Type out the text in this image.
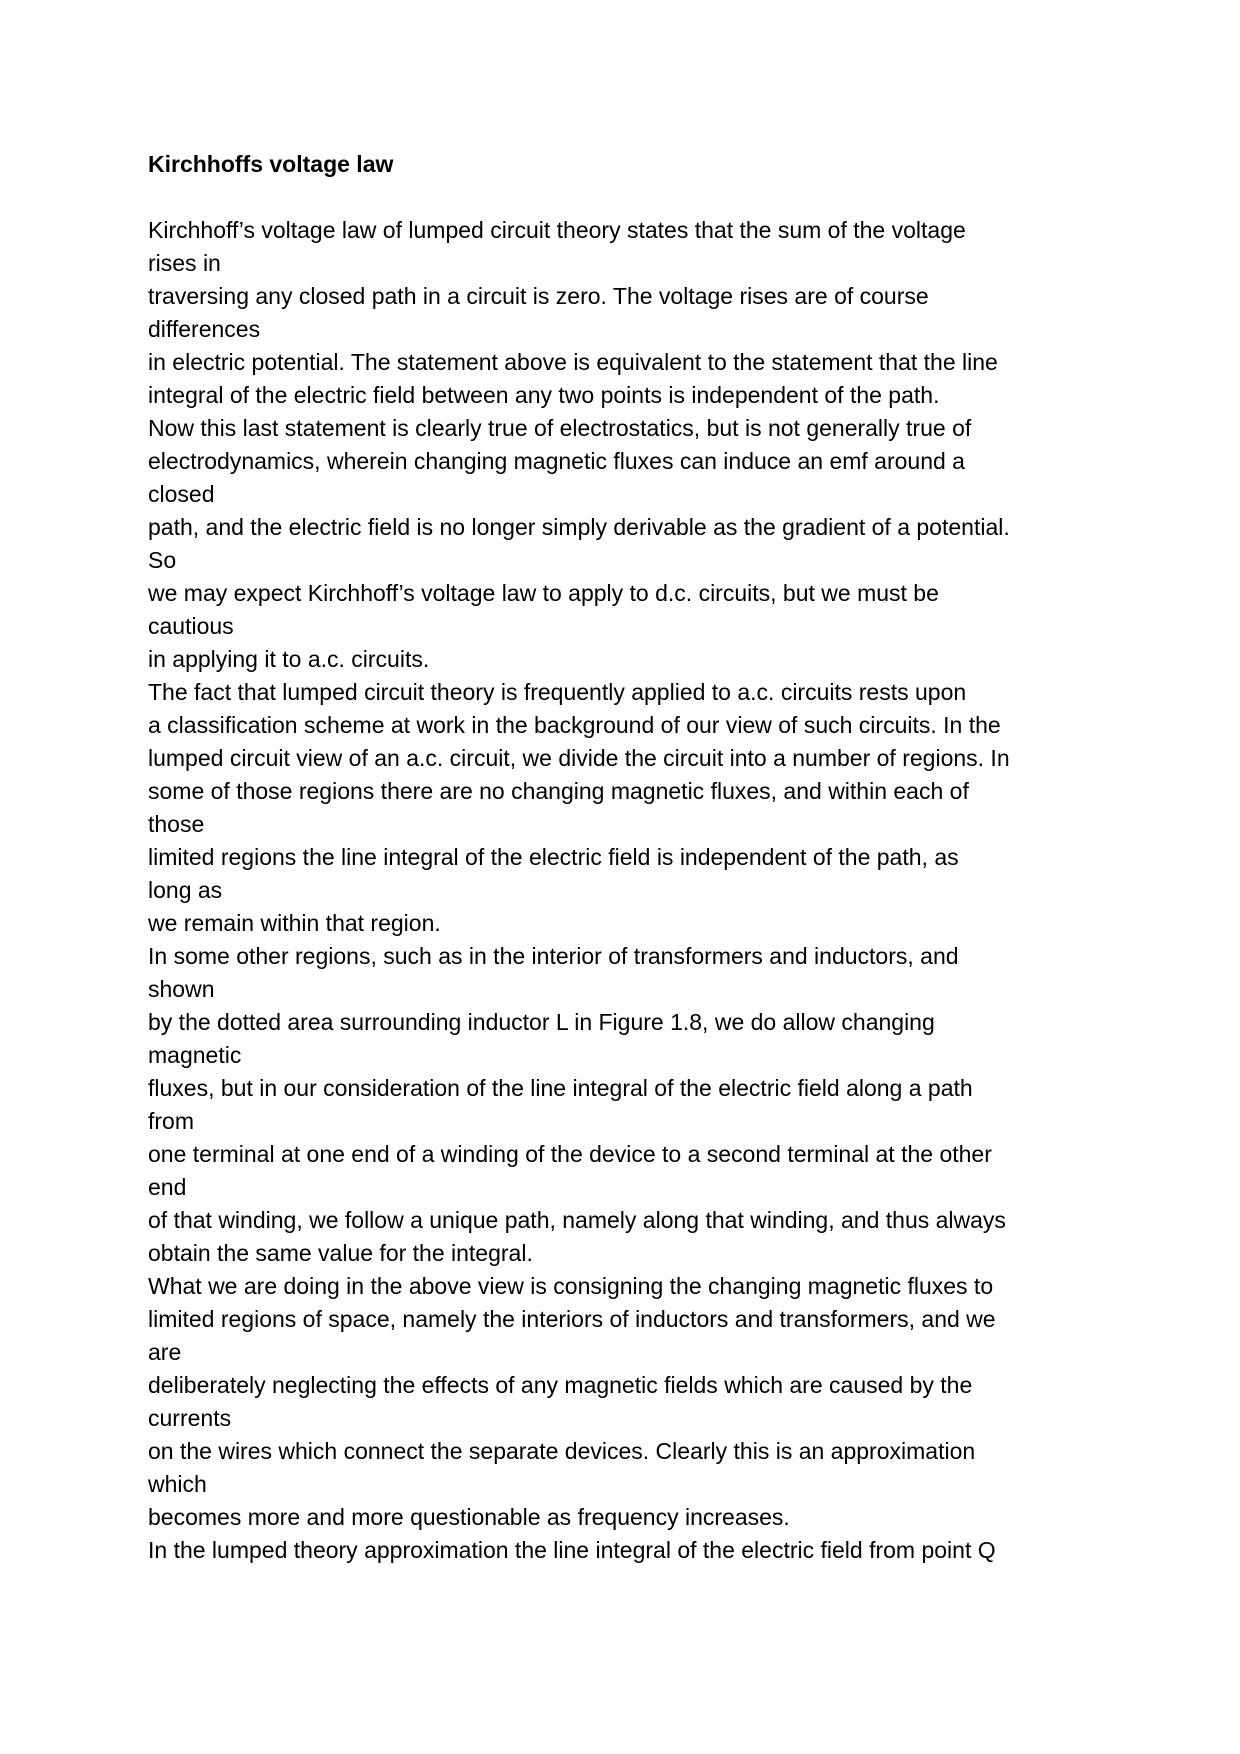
Kirchhoffs voltage law
Kirchhoff’s voltage law of lumped circuit theory states that the sum of the voltage
rises in
traversing any closed path in a circuit is zero. The voltage rises are of course
differences
in electric potential. The statement above is equivalent to the statement that the line
integral of the electric field between any two points is independent of the path.
Now this last statement is clearly true of electrostatics, but is not generally true of
electrodynamics, wherein changing magnetic fluxes can induce an emf around a
closed
path, and the electric field is no longer simply derivable as the gradient of a potential.
So
we may expect Kirchhoff’s voltage law to apply to d.c. circuits, but we must be
cautious
in applying it to a.c. circuits.
The fact that lumped circuit theory is frequently applied to a.c. circuits rests upon
a classification scheme at work in the background of our view of such circuits. In the
lumped circuit view of an a.c. circuit, we divide the circuit into a number of regions. In
some of those regions there are no changing magnetic fluxes, and within each of
those
limited regions the line integral of the electric field is independent of the path, as
long as
we remain within that region.
In some other regions, such as in the interior of transformers and inductors, and
shown
by the dotted area surrounding inductor L in Figure 1.8, we do allow changing
magnetic
fluxes, but in our consideration of the line integral of the electric field along a path
from
one terminal at one end of a winding of the device to a second terminal at the other
end
of that winding, we follow a unique path, namely along that winding, and thus always
obtain the same value for the integral.
What we are doing in the above view is consigning the changing magnetic fluxes to
limited regions of space, namely the interiors of inductors and transformers, and we
are
deliberately neglecting the effects of any magnetic fields which are caused by the
currents
on the wires which connect the separate devices. Clearly this is an approximation
which
becomes more and more questionable as frequency increases.
In the lumped theory approximation the line integral of the electric field from point Q
